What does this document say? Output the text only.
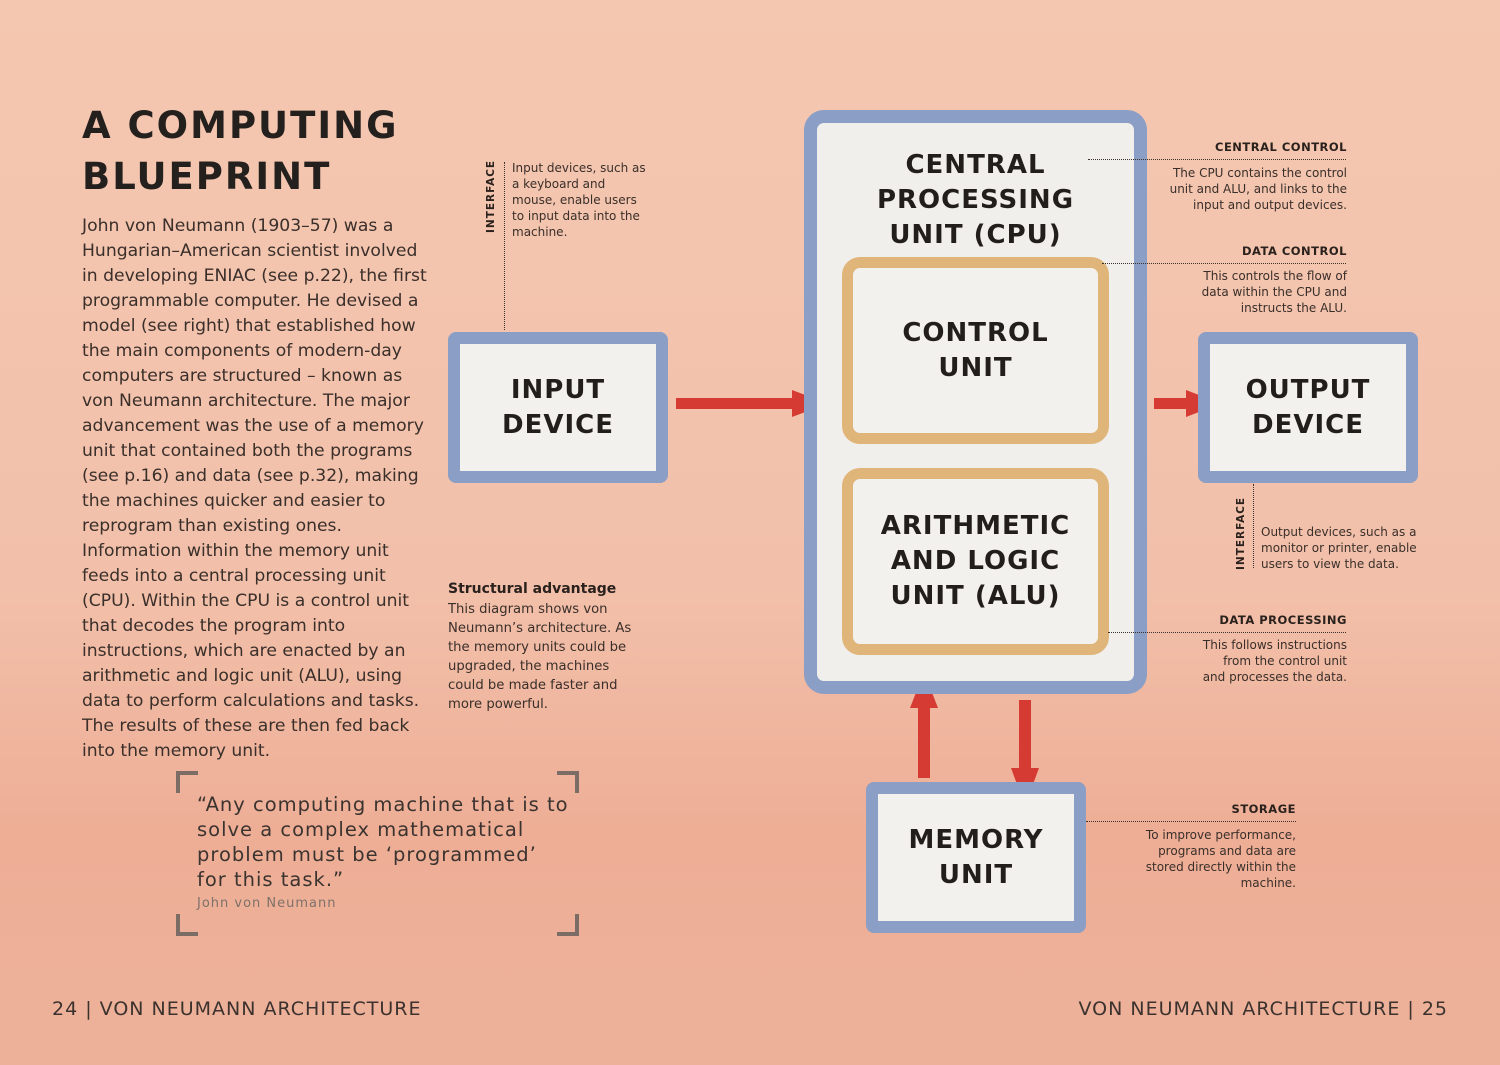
A COMPUTING
BLUEPRINT

John von Neumann (1903–57) was a Hungarian–American scientist involved in developing ENIAC (see p.22), the first programmable computer. He devised a model (see right) that established how the main components of modern-day computers are structured – known as von Neumann architecture. The major advancement was the use of a memory unit that contained both the programs (see p.16) and data (see p.32), making the machines quicker and easier to reprogram than existing ones. Information within the memory unit feeds into a central processing unit (CPU). Within the CPU is a control unit that decodes the program into instructions, which are enacted by an arithmetic and logic unit (ALU), using data to perform calculations and tasks. The results of these are then fed back into the memory unit.

Structural advantage

This diagram shows von Neumann’s architecture. As the memory units could be upgraded, the machines could be made faster and more powerful.

“Any computing machine that is to solve a complex mathematical problem must be ‘programmed’ for this task.”

John von Neumann
24 | VON NEUMANN ARCHITECTURE	VON NEUMANN ARCHITECTURE | 25
INPUT DEVICE
CENTRAL PROCESSING UNIT (CPU)
CONTROL UNIT
ARITHMETIC AND LOGIC UNIT (ALU)
OUTPUT DEVICE
MEMORY UNIT
INTERFACE Input devices, such as a keyboard and mouse, enable users to input data into the machine.

CENTRAL CONTROL

The CPU contains the control unit and ALU, and links to the input and output devices.

DATA CONTROL

This controls the flow of data within the CPU and instructs the ALU.

INTERFACE Output devices, such as a monitor or printer, enable users to view the data.

DATA PROCESSING

This follows instructions from the control unit and processes the data.

STORAGE

To improve performance, programs and data are stored directly within the machine.
